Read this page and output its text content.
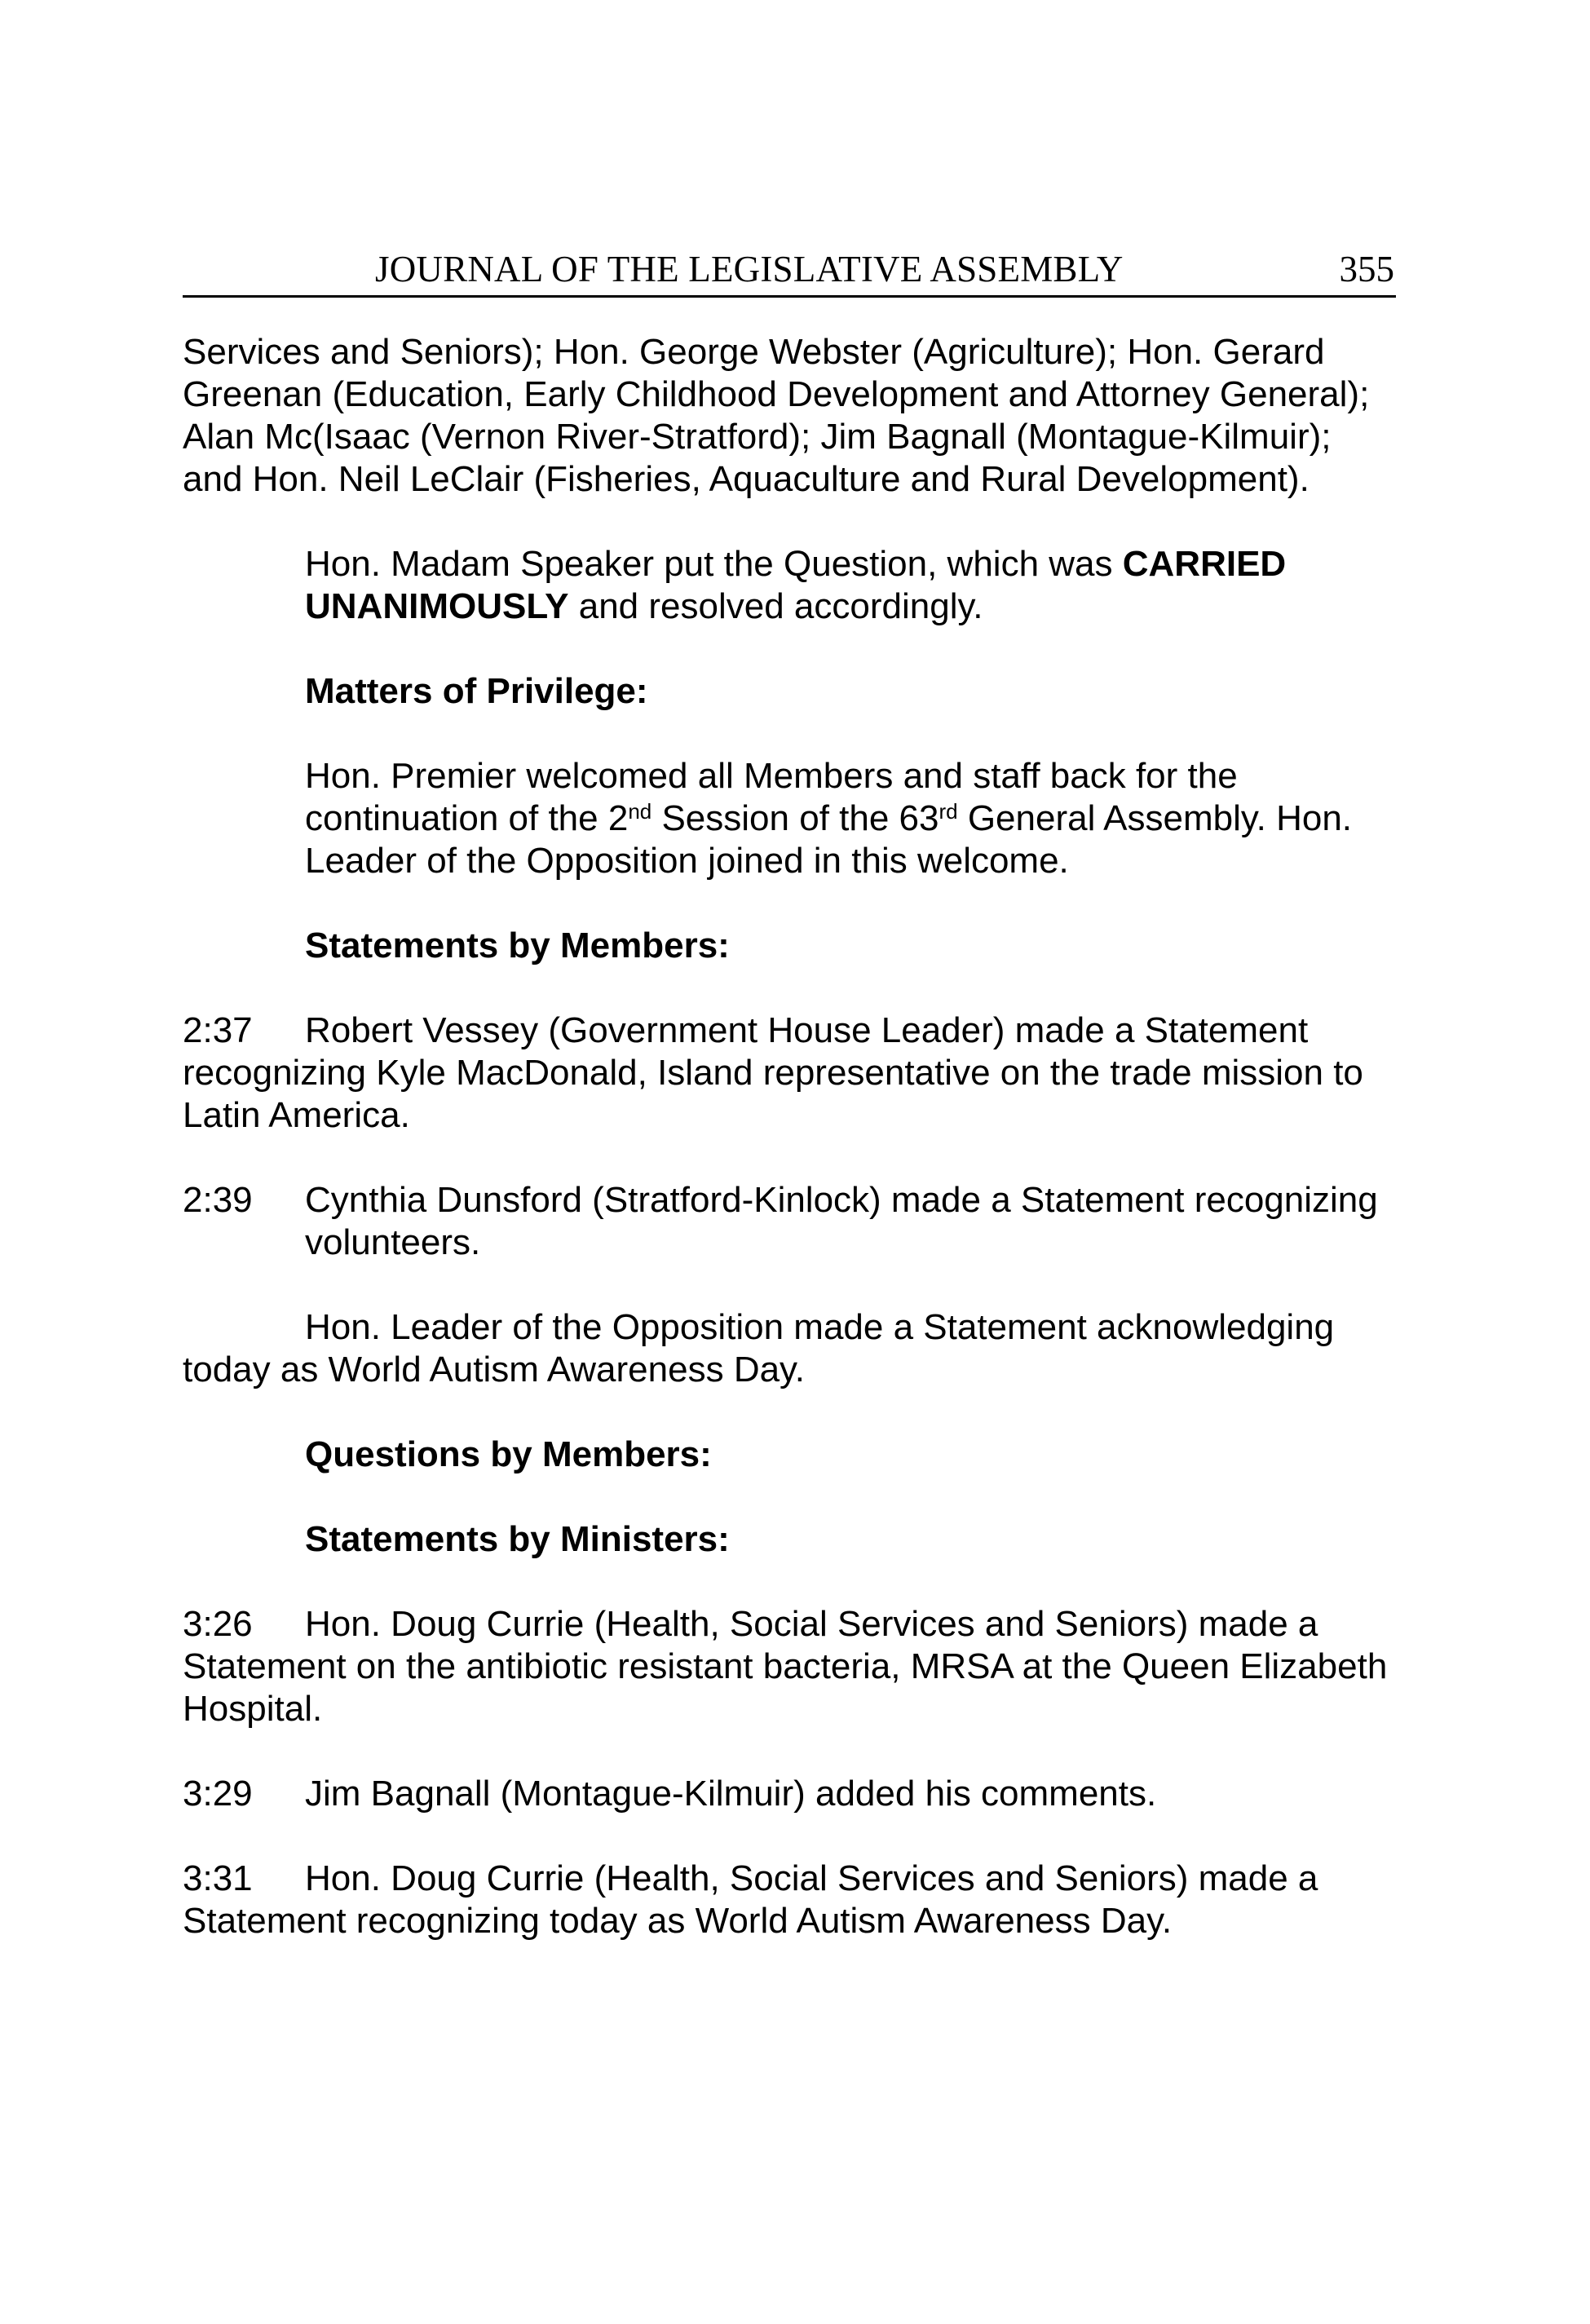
JOURNAL OF THE LEGISLATIVE ASSEMBLY	355

Services and Seniors); Hon. George Webster (Agriculture); Hon. Gerard Greenan (Education, Early Childhood Development and Attorney General); Alan Mc(Isaac (Vernon River-Stratford); Jim Bagnall (Montague-Kilmuir); and Hon. Neil LeClair (Fisheries, Aquaculture and Rural Development).

Hon. Madam Speaker put the Question, which was CARRIED UNANIMOUSLY and resolved accordingly.

Matters of Privilege:

Hon. Premier welcomed all Members and staff back for the continuation of the 2nd Session of the 63rd General Assembly. Hon. Leader of the Opposition joined in this welcome.

Statements by Members:

2:37 Robert Vessey (Government House Leader) made a Statement recognizing Kyle MacDonald, Island representative on the trade mission to Latin America.

2:39	Cynthia Dunsford (Stratford-Kinlock) made a Statement recognizing volunteers.

Hon. Leader of the Opposition made a Statement acknowledging today as World Autism Awareness Day.

Questions by Members:

Statements by Ministers:

3:26 Hon. Doug Currie (Health, Social Services and Seniors) made a Statement on the antibiotic resistant bacteria, MRSA at the Queen Elizabeth Hospital.

3:29 Jim Bagnall (Montague-Kilmuir) added his comments.

3:31 Hon. Doug Currie (Health, Social Services and Seniors) made a Statement recognizing today as World Autism Awareness Day.
